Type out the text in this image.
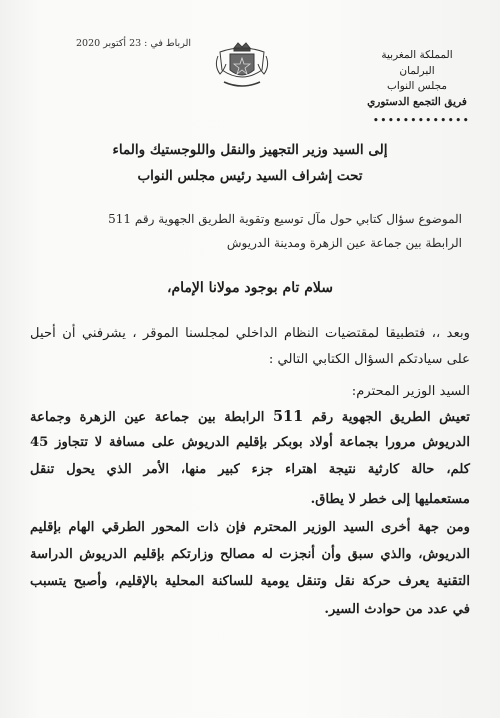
الرباط في : 23 أكتوبر 2020
المملكة المغربية
البرلمان
مجلس النواب
فريق التجمع الدستوري
•••••••••••••
إلى السيد وزير التجهيز والنقل واللوجستيك والماء
تحت إشراف السيد رئيس مجلس النواب
الموضوع سؤال كتابي حول مآل توسيع وتقوية الطريق الجهوية رقم 511
الرابطة بين جماعة عين الزهرة ومدينة الدريوش
سلام تام بوجود مولانا الإمام،
وبعد ،، فتطبيقا لمقتضيات النظام الداخلي لمجلسنا الموقر ، يشرفني أن أحيل
على سيادتكم السؤال الكتابي التالي :
السيد الوزير المحترم:
تعيش الطريق الجهوية رقم 511 الرابطة بين جماعة عين الزهرة وجماعة
الدريوش مرورا بجماعة أولاد بوبكر بإقليم الدريوش على مسافة لا تتجاوز 45
كلم، حالة كارثية نتيجة اهتراء جزء كبير منها، الأمر الذي يحول تنقل
مستعمليها إلى خطر لا يطاق.
ومن جهة أخرى السيد الوزير المحترم فإن ذات المحور الطرقي الهام بإقليم
الدريوش، والذي سبق وأن أنجزت له مصالح وزارتكم بإقليم الدريوش الدراسة
التقنية يعرف حركة نقل وتنقل يومية للساكنة المحلية بالإقليم، وأصبح يتسبب
في عدد من حوادث السير.
